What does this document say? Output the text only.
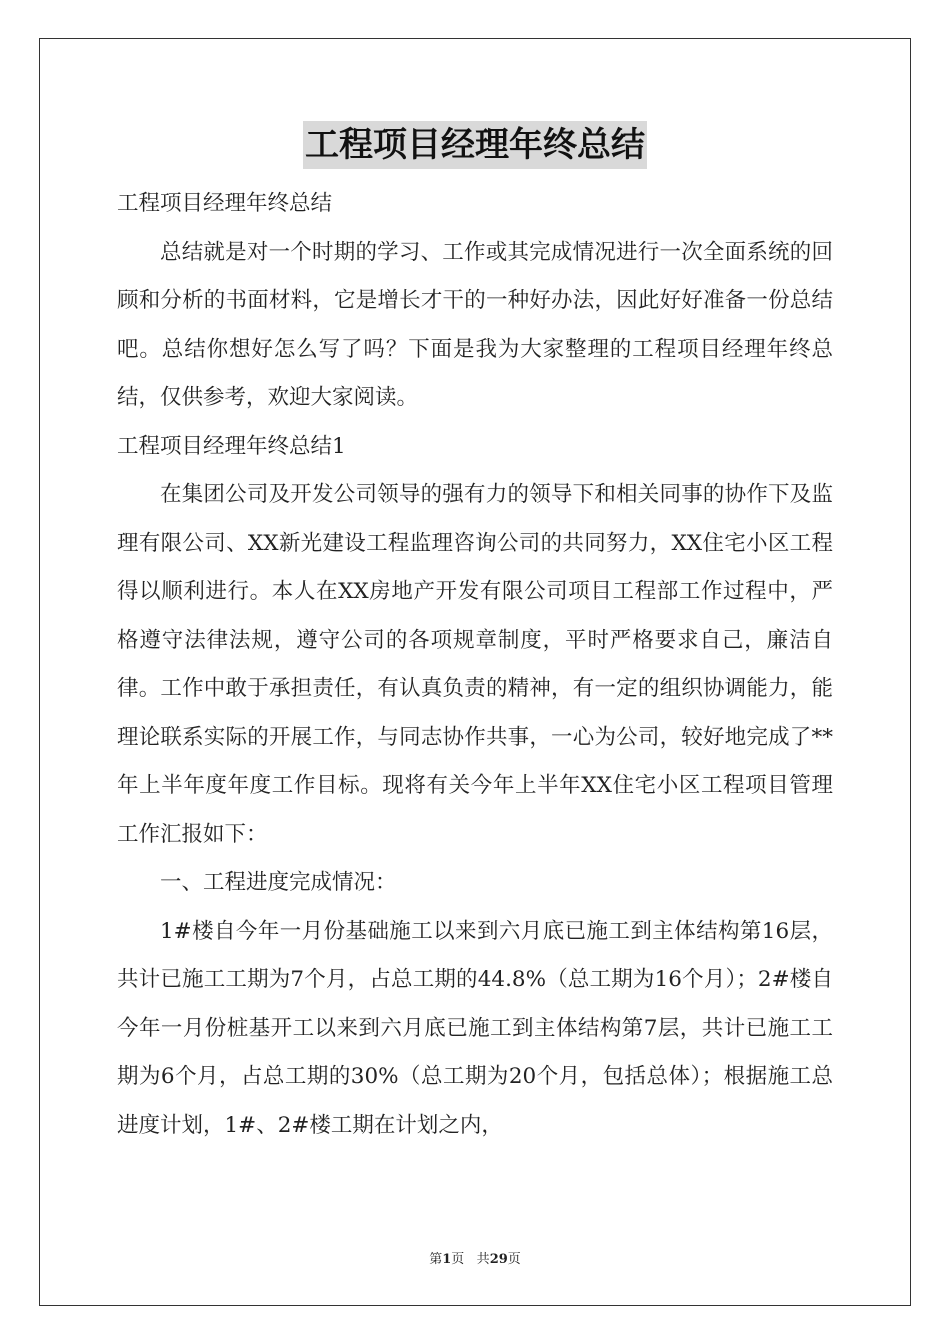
工程项目经理年终总结

工程项目经理年终总结

总结就是对一个时期的学习、工作或其完成情况进行一次全面系统的回顾和分析的书面材料，它是增长才干的一种好办法，因此好好准备一份总结吧。总结你想好怎么写了吗？下面是我为大家整理的工程项目经理年终总结，仅供参考，欢迎大家阅读。

工程项目经理年终总结1

在集团公司及开发公司领导的强有力的领导下和相关同事的协作下及监理有限公司、XX新光建设工程监理咨询公司的共同努力，XX住宅小区工程得以顺利进行。本人在XX房地产开发有限公司项目工程部工作过程中，严格遵守法律法规，遵守公司的各项规章制度，平时严格要求自己，廉洁自律。工作中敢于承担责任，有认真负责的精神，有一定的组织协调能力，能理论联系实际的开展工作，与同志协作共事，一心为公司，较好地完成了**年上半年度年度工作目标。现将有关今年上半年XX住宅小区工程项目管理工作汇报如下：

一、工程进度完成情况：

1#楼自今年一月份基础施工以来到六月底已施工到主体结构第16层，共计已施工工期为7个月，占总工期的44.8%（总工期为16个月）；2#楼自今年一月份桩基开工以来到六月底已施工到主体结构第7层，共计已施工工期为6个月，占总工期的30%（总工期为20个月，包括总体）；根据施工总进度计划，1#、2#楼工期在计划之内，

第1页 共29页
